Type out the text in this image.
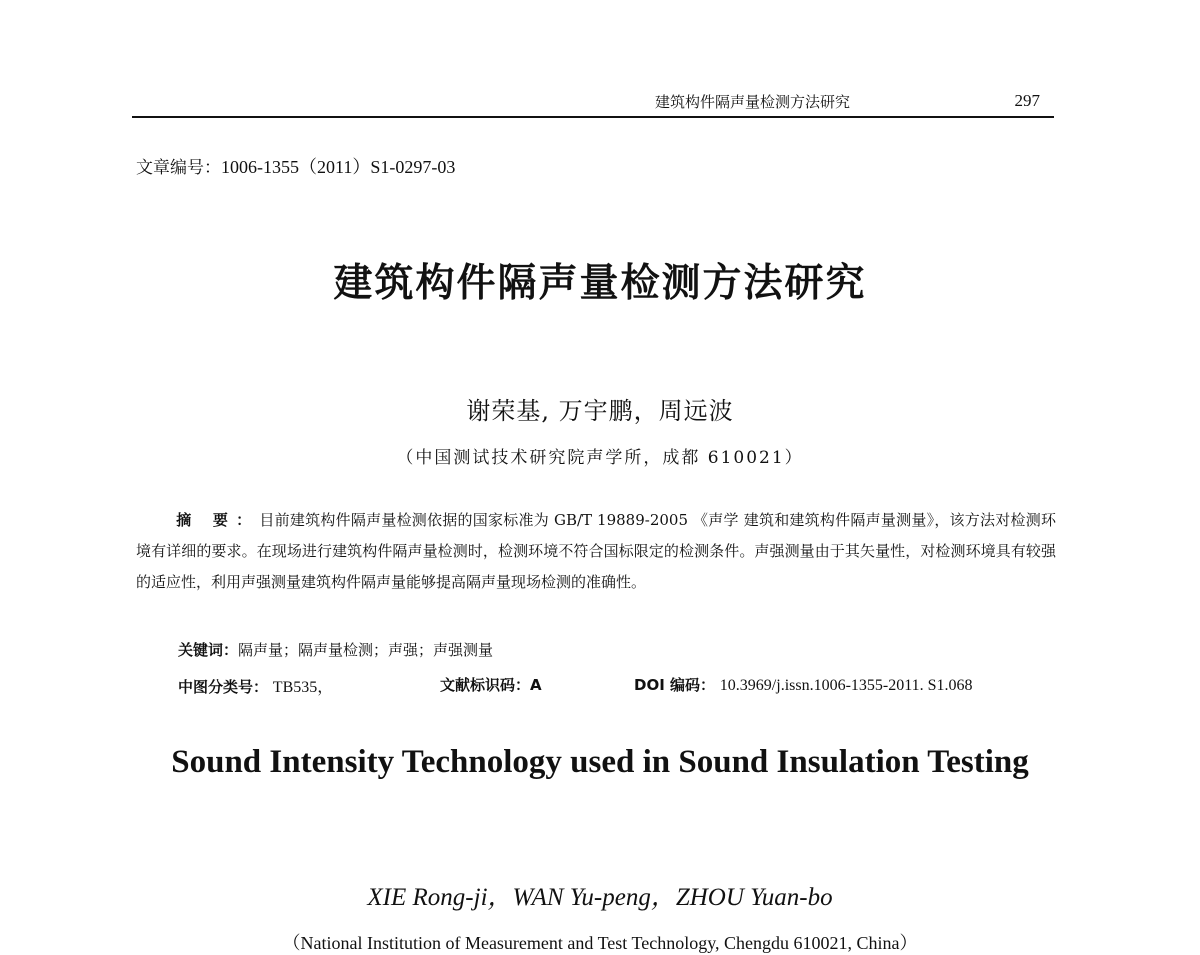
建筑构件隔声量检测方法研究	297
文章编号：1006-1355（2011）S1-0297-03
建筑构件隔声量检测方法研究
谢荣基, 万宇鹏，周远波
（中国测试技术研究院声学所，成都 610021）
摘 要：目前建筑构件隔声量检测依据的国家标准为 GB/T 19889-2005 《声学 建筑和建筑构件隔声量测量》，该方法对检测环境有详细的要求。在现场进行建筑构件隔声量检测时，检测环境不符合国标限定的检测条件。声强测量由于其矢量性，对检测环境具有较强的适应性，利用声强测量建筑构件隔声量能够提高隔声量现场检测的准确性。
关键词：隔声量；隔声量检测；声强；声强测量
中图分类号： TB535，	文献标识码：A	DOI 编码： 10.3969/j.issn.1006-1355-2011. S1.068
Sound Intensity Technology used in Sound Insulation Testing
XIE Rong-ji，WAN Yu-peng，ZHOU Yuan-bo
（National Institution of Measurement and Test Technology, Chengdu 610021, China）
